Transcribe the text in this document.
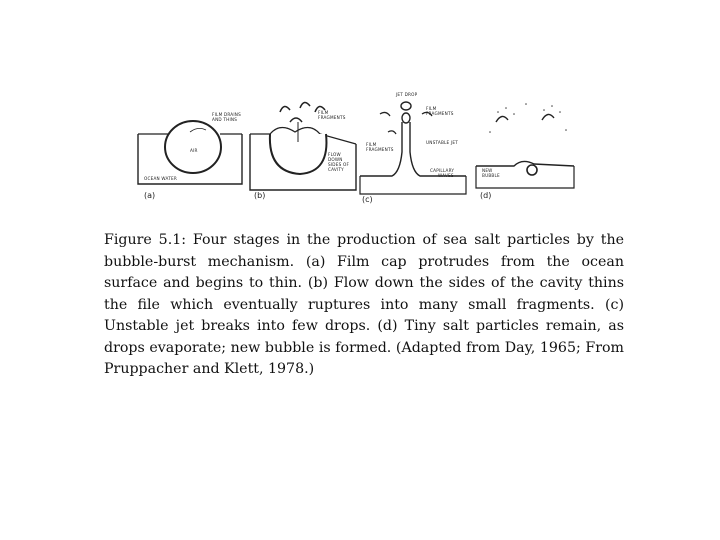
AIR
FILM DRAINS
AND THINS
OCEAN WATER
(a)
FILM
FRAGMENTS
FLOW
DOWN
SIDES OF
CAVITY
(b)
JET DROP
FILM
FRAGMENTS
FILM
FRAGMENTS
UNSTABLE JET
CAPILLARY
WAVES
(c)
NEW
BUBBLE
(d)
Figure 5.1: Four stages in the production of sea salt particles by the bubble-burst mechanism. (a) Film cap protrudes from the ocean surface and begins to thin. (b) Flow down the sides of the cavity thins the file which eventually ruptures into many small fragments. (c) Unstable jet breaks into few drops. (d) Tiny salt particles remain, as drops evaporate; new bubble is formed. (Adapted from Day, 1965; From Pruppacher and Klett, 1978.)
